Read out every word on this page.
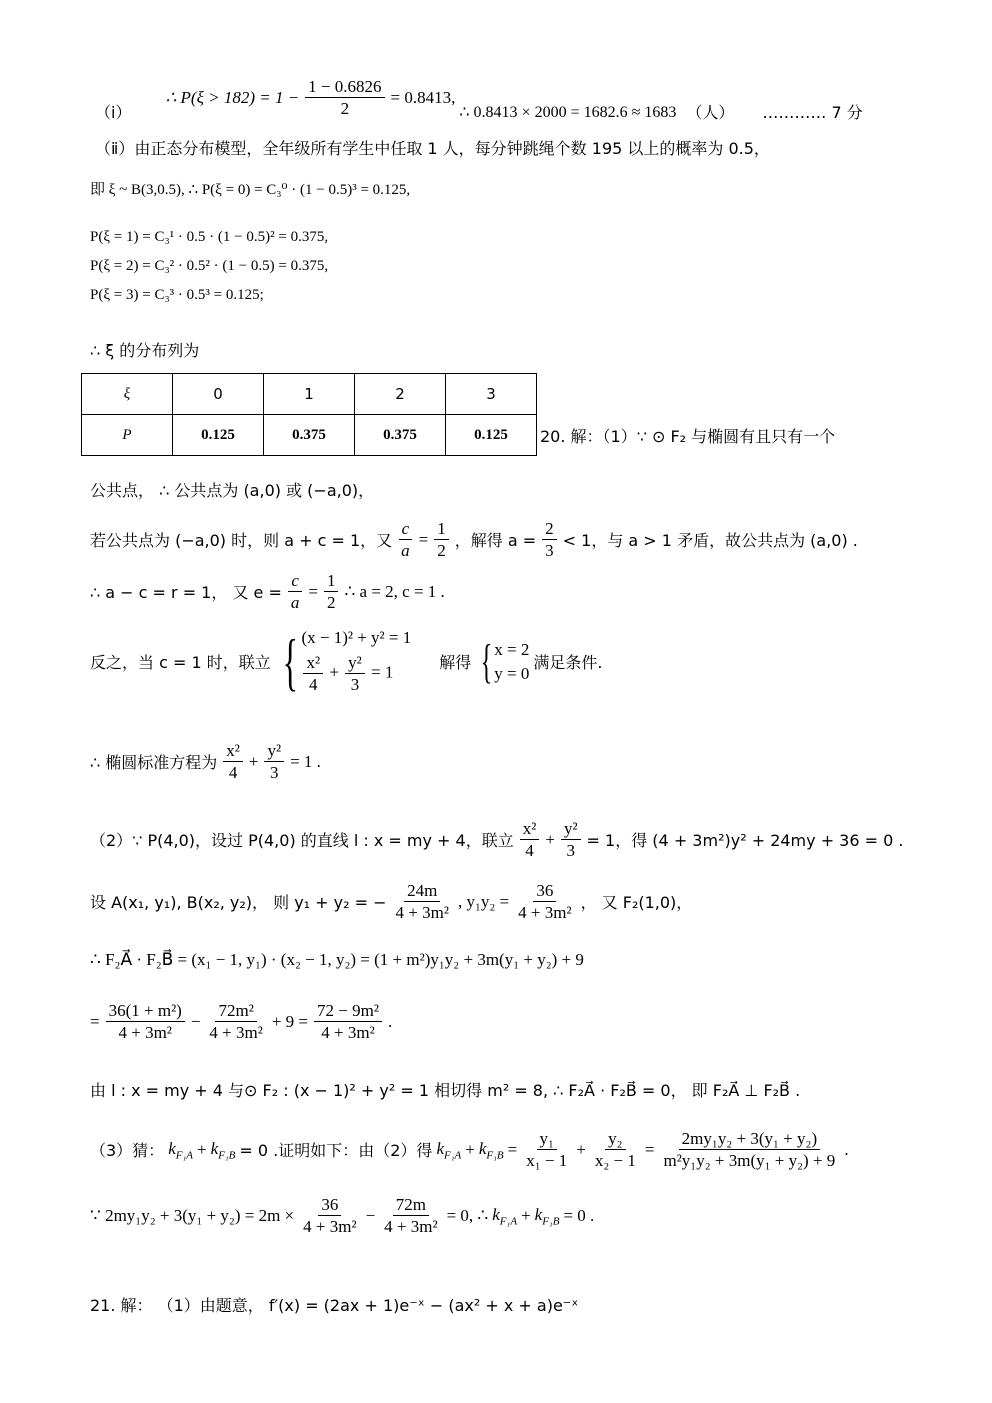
（ⅰ）
∴ $P(\xi > 182) = 1 - \frac{1 - 0.6826}{2} = 0.8413$,
∴ 0.8413 × 2000 = 1682.6 ≈ 1683 （人） ………… 7 分
（ⅱ）由正态分布模型，全年级所有学生中任取 1 人，每分钟跳绳个数 195 以上的概率为 0.5，
即 ξ ~ B(3,0.5), ∴ P(ξ = 0) = C₃⁰ · (1 − 0.5)³ = 0.125,
P(ξ = 1) = C₃¹ · 0.5 · (1 − 0.5)² = 0.375,
P(ξ = 2) = C₃² · 0.5² · (1 − 0.5) = 0.375,
P(ξ = 3) = C₃³ · 0.5³ = 0.125;
∴ ξ 的分布列为
ξ	0	1	2	3
P	0.125	0.375	0.375	0.125 20. 解：（1）∵ ⊙ F₂ 与椭圆有且只有一个
公共点， ∴ 公共点为 (a,0) 或 (−a,0)，
若公共点为 (−a,0) 时，则 a + c = 1，又 $\frac{c}{a} = \frac{1}{2}$ ，解得 $a = \frac{2}{3} < 1$，与 a > 1 矛盾，故公共点为 (a,0) .
∴ a − c = r = 1， 又 $e = \frac{c}{a} = \frac{1}{2}$ ∴ a = 2, c = 1 .
反之，当 c = 1 时，联立 { (x − 1)² + y² = 1
$\frac{\text{x²}}{4} + \frac{\text{y²}}{3} = 1$	解得 { x = 2
y = 0
满足条件.
∴ 椭圆标准方程为 $\frac{\text{x²}}{4} + \frac{\text{y²}}{3} = 1$ .
（2）∵ P(4,0)，设过 P(4,0) 的直线 l : x = my + 4，联立 $\frac{\text{x²}}{4} + \frac{\text{y²}}{3} = 1$，得 (4 + 3m²)y² + 24my + 36 = 0 .
设 A(x₁, y₁), B(x₂, y₂)， 则 y₁ + y₂ = − $\frac{24m}{\text{4 + 3m²}}$ , $y_1y_2 = \frac{36}{\text{4 + 3m²}}$ ， 又 F₂(1,0)，
∴ F₂A⃗ · F₂B⃗ = (x₁ − 1, y₁) · (x₂ − 1, y₂) = (1 + m²)y₁y₂ + 3m(y₁ + y₂) + 9
= $\frac{\text{36(1 + m²)}}{\text{4 + 3m²}} - \frac{\text{72m²}}{\text{4 + 3m²}} + 9 = \frac{\text{72 − 9m²}}{\text{4 + 3m²}}$ .
由 l : x = my + 4 与⊙ F₂ : (x − 1)² + y² = 1 相切得 m² = 8, ∴ F₂A⃗ · F₂B⃗ = 0， 即 F₂A⃗ ⊥ F₂B⃗ .
（3）猜： $k_{F_1A} + k_{F_1B} = 0$ .证明如下：由（2）得 $k_{F_1A} + k_{F_1B} = \frac{\text{y₁}}{\text{x₁ − 1}} + \frac{\text{y₂}}{\text{x₂ − 1}} = \frac{\text{2my₁y₂ + 3(y₁ + y₂)}}{\text{m²y₁y₂ + 3m(y₁ + y₂) + 9}}$ .
∵ $2my_1y_2 + 3(y_1 + y_2) = 2m \times \frac{36}{\text{4 + 3m²}} - \frac{72m}{\text{4 + 3m²}} = 0$, ∴ $k_{F_1A} + k_{F_1B} = 0$ .
21. 解： （1）由题意， f′(x) = (2ax + 1)e⁻ˣ − (ax² + x + a)e⁻ˣ
